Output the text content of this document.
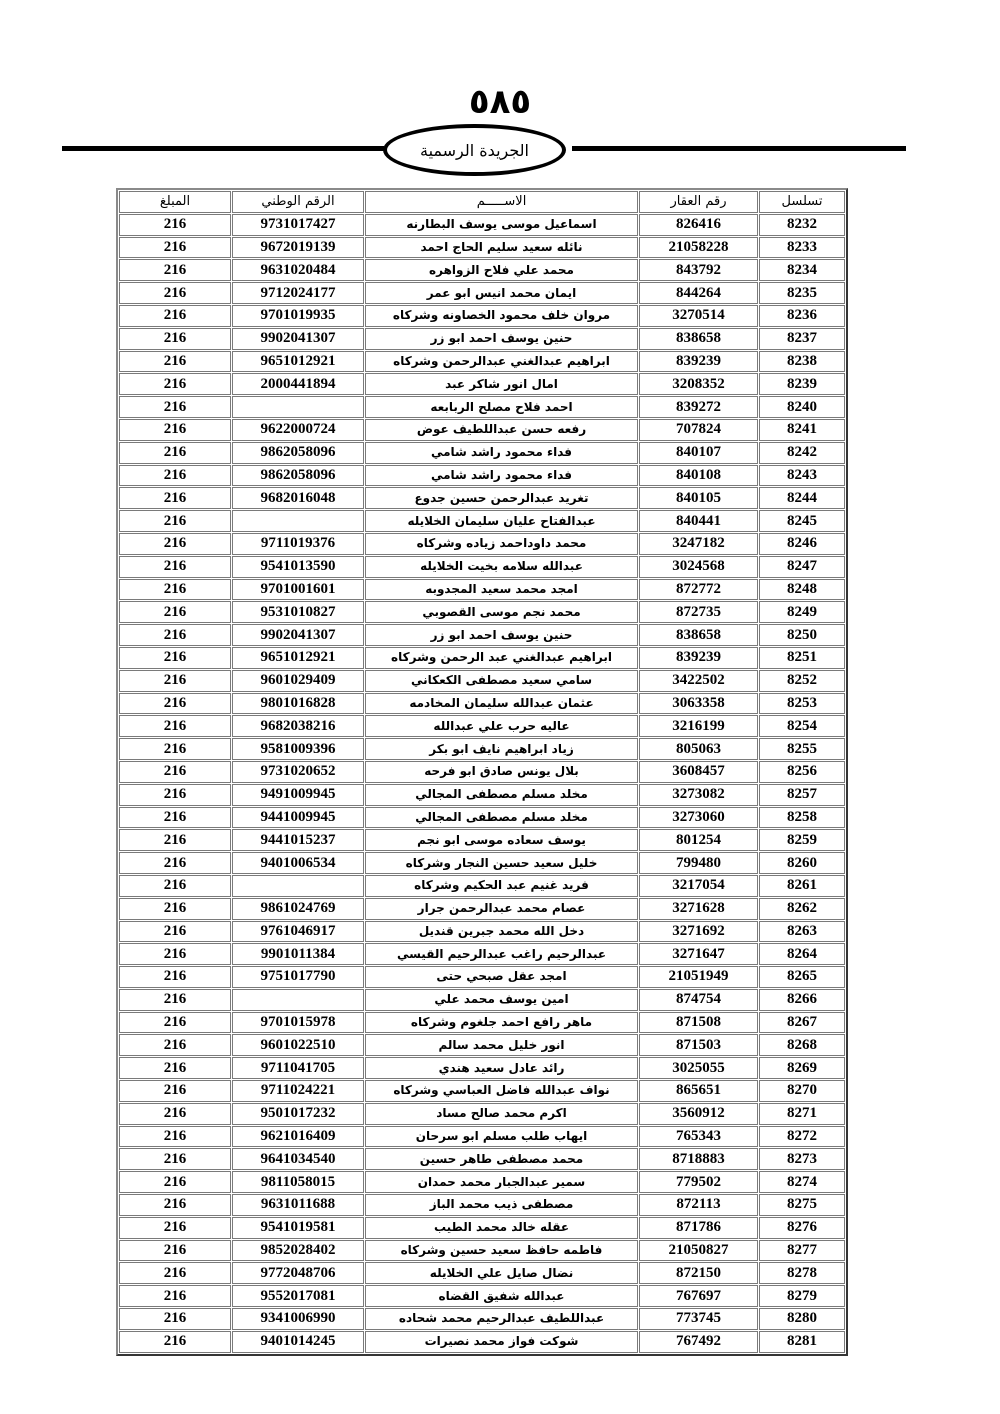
٥٨٥
الجريدة الرسمية
تسلسل	رقم العقار	الاســـــم	الرقم الوطني	المبلغ
8232	826416	اسماعيل موسى يوسف البطارنه	9731017427	216
8233	21058228	نائله سعيد سليم الحاج احمد	9672019139	216
8234	843792	محمد علي فلاح الزواهره	9631020484	216
8235	844264	ايمان محمد انيس ابو عمر	9712024177	216
8236	3270514	مروان خلف محمود الخصاونه وشركاه	9701019935	216
8237	838658	حنين يوسف احمد ابو زر	9902041307	216
8238	839239	ابراهيم عبدالغني عبدالرحمن وشركاه	9651012921	216
8239	3208352	امال انور شاكر عبد	2000441894	216
8240	839272	احمد فلاح مصلح الربابعه		216
8241	707824	رفعه حسن عبداللطيف عوض	9622000724	216
8242	840107	فداء محمود راشد شامي	9862058096	216
8243	840108	فداء محمود راشد شامي	9862058096	216
8244	840105	تغريد عبدالرحمن حسين جدوع	9682016048	216
8245	840441	عبدالفتاح عليان سليمان الخلايله		216
8246	3247182	محمد داوداحمد زياده وشركاه	9711019376	216
8247	3024568	عبدالله سلامه بخيت الخلايله	9541013590	216
8248	872772	امجد محمد سعيد المجدوبه	9701001601	216
8249	872735	محمد نجم موسى القصوبي	9531010827	216
8250	838658	حنين يوسف احمد ابو زر	9902041307	216
8251	839239	ابراهيم عبدالغني عبد الرحمن وشركاه	9651012921	216
8252	3422502	سامي سعيد مصطفى الكعكاني	9601029409	216
8253	3063358	عثمان عبدالله سليمان المخادمه	9801016828	216
8254	3216199	عاليه حرب علي عبدالله	9682038216	216
8255	805063	زياد ابراهيم نايف ابو بكر	9581009396	216
8256	3608457	بلال يونس صادق ابو فرحه	9731020652	216
8257	3273082	مخلد مسلم مصطفى المجالي	9491009945	216
8258	3273060	مخلد مسلم مصطفى المجالي	9441009945	216
8259	801254	يوسف سعاده موسى ابو نجم	9441015237	216
8260	799480	خليل سعيد حسين النجار وشركاه	9401006534	216
8261	3217054	فريد غنيم عبد الحكيم وشركاه		216
8262	3271628	عصام محمد عبدالرحمن جرار	9861024769	216
8263	3271692	دخل الله محمد جبرين قنديل	9761046917	216
8264	3271647	عبدالرحيم راغب عبدالرحيم القيسي	9901011384	216
8265	21051949	امجد عقل صبحي حتى	9751017790	216
8266	874754	امين يوسف محمد علي		216
8267	871508	ماهر رافع احمد جلغوم وشركاه	9701015978	216
8268	871503	انور خليل محمد سالم	9601022510	216
8269	3025055	رائد عادل سعيد هندي	9711041705	216
8270	865651	نواف عبدالله فاضل العباسي وشركاه	9711024221	216
8271	3560912	اكرم محمد صالح مساد	9501017232	216
8272	765343	ايهاب طلب مسلم ابو سرحان	9621016409	216
8273	8718883	محمد مصطفى طاهر حسين	9641034540	216
8274	779502	سمير عبدالجبار محمد حمدان	9811058015	216
8275	872113	مصطفى ذيب محمد الباز	9631011688	216
8276	871786	عقله خالد محمد الطيب	9541019581	216
8277	21050827	فاطمه حافظ سعيد حسين وشركاه	9852028402	216
8278	872150	نضال صايل علي الخلايله	9772048706	216
8279	767697	عبدالله شفيق القضاه	9552017081	216
8280	773745	عبداللطيف عبدالرحيم محمد شحاده	9341006990	216
8281	767492	شوكت فواز محمد نصيرات	9401014245	216
